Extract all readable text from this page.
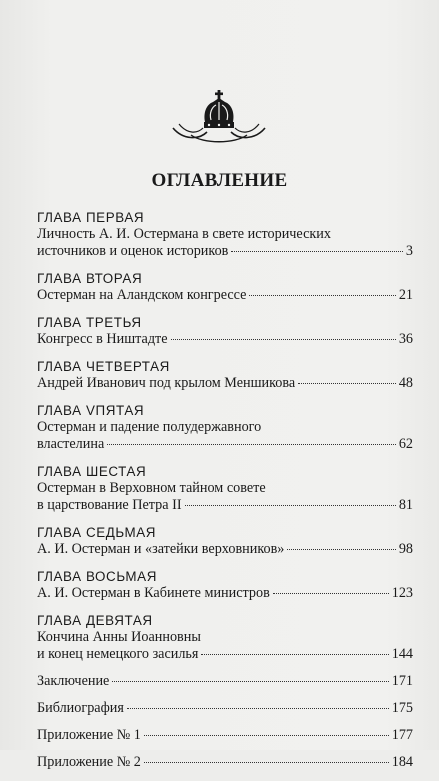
ОГЛАВЛЕНИЕ
ГЛАВА ПЕРВАЯ
Личность А. И. Остермана в свете исторических
источников и оценок историков	3
ГЛАВА ВТОРАЯ
Остерман на Аландском конгрессе	21
ГЛАВА ТРЕТЬЯ
Конгресс в Ништадте	36
ГЛАВА ЧЕТВЕРТАЯ
Андрей Иванович под крылом Меншикова	48
ГЛАВА VПЯТАЯ
Остерман и падение полудержавного
властелина	62
ГЛАВА ШЕСТАЯ
Остерман в Верховном тайном совете
в царствование Петра II	81
ГЛАВА СЕДЬМАЯ
А. И. Остерман и «затейки верховников»	98
ГЛАВА ВОСЬМАЯ
А. И. Остерман в Кабинете министров	123
ГЛАВА ДЕВЯТАЯ
Кончина Анны Иоанновны
и конец немецкого засилья	144
Заключение	171
Библиография	175
Приложение № 1	177
Приложение № 2	184
